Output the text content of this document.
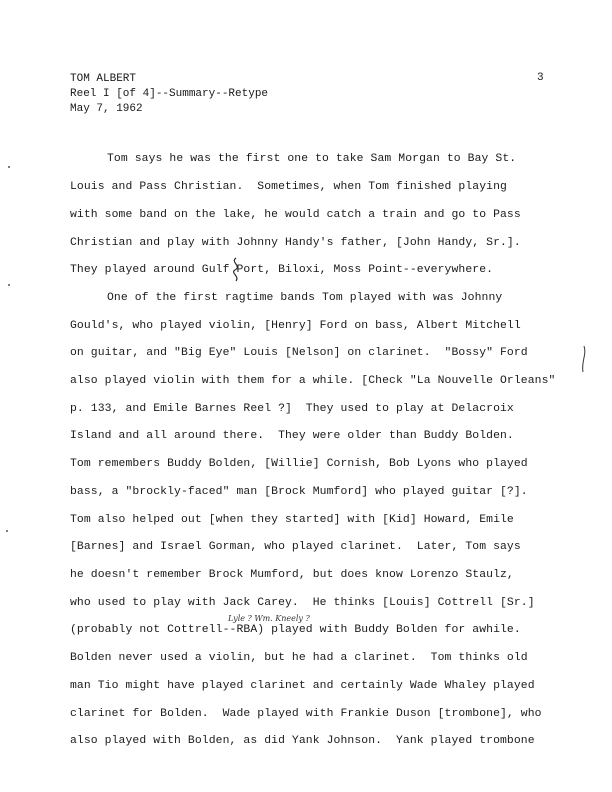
TOM ALBERT
Reel I [of 4]--Summary--Retype
May 7, 1962
3
Tom says he was the first one to take Sam Morgan to Bay St.
Louis and Pass Christian.  Sometimes, when Tom finished playing
with some band on the lake, he would catch a train and go to Pass
Christian and play with Johnny Handy's father, [John Handy, Sr.].
They played around Gulf Port, Biloxi, Moss Point--everywhere.
One of the first ragtime bands Tom played with was Johnny
Gould's, who played violin, [Henry] Ford on bass, Albert Mitchell
on guitar, and "Big Eye" Louis [Nelson] on clarinet.  "Bossy" Ford
also played violin with them for a while. [Check "La Nouvelle Orleans"
p. 133, and Emile Barnes Reel ?]  They used to play at Delacroix
Island and all around there.  They were older than Buddy Bolden.
Tom remembers Buddy Bolden, [Willie] Cornish, Bob Lyons who played
bass, a "brockly-faced" man [Brock Mumford] who played guitar [?].
Tom also helped out [when they started] with [Kid] Howard, Emile
[Barnes] and Israel Gorman, who played clarinet.  Later, Tom says
he doesn't remember Brock Mumford, but does know Lorenzo Staulz,
who used to play with Jack Carey.  He thinks [Louis] Cottrell [Sr.]
(probably not Cottrell--RBA) played with Buddy Bolden for awhile.
Bolden never used a violin, but he had a clarinet.  Tom thinks old
man Tio might have played clarinet and certainly Wade Whaley played
clarinet for Bolden.  Wade played with Frankie Duson [trombone], who
also played with Bolden, as did Yank Johnson.  Yank played trombone
Lyle ? Wm. Kneely ?
